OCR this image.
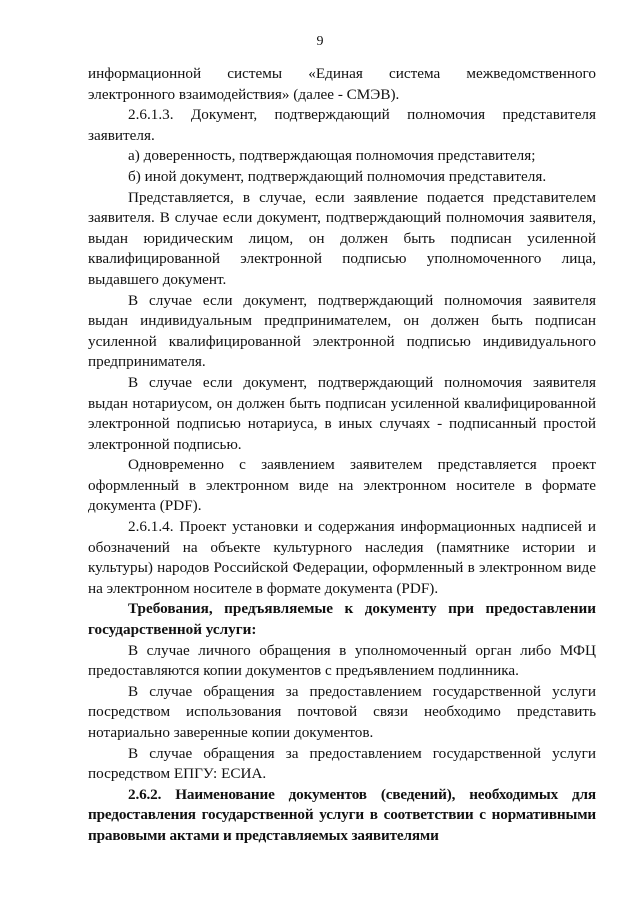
9

информационной системы «Единая система межведомственного электронного взаимодействия» (далее - СМЭВ).

2.6.1.3. Документ, подтверждающий полномочия представителя заявителя.

а) доверенность, подтверждающая полномочия представителя;

б) иной документ, подтверждающий полномочия представителя.

Представляется, в случае, если заявление подается представителем заявителя. В случае если документ, подтверждающий полномочия заявителя, выдан юридическим лицом, он должен быть подписан усиленной квалифицированной электронной подписью уполномоченного лица, выдавшего документ.

В случае если документ, подтверждающий полномочия заявителя выдан индивидуальным предпринимателем, он должен быть подписан усиленной квалифицированной электронной подписью индивидуального предпринимателя.

В случае если документ, подтверждающий полномочия заявителя выдан нотариусом, он должен быть подписан усиленной квалифицированной электронной подписью нотариуса, в иных случаях - подписанный простой электронной подписью.

Одновременно с заявлением заявителем представляется проект оформленный в электронном виде на электронном носителе в формате документа (PDF).

2.6.1.4. Проект установки и содержания информационных надписей и обозначений на объекте культурного наследия (памятнике истории и культуры) народов Российской Федерации, оформленный в электронном виде на электронном носителе в формате документа (PDF).

Требования, предъявляемые к документу при предоставлении государственной услуги:

В случае личного обращения в уполномоченный орган либо МФЦ предоставляются копии документов с предъявлением подлинника.

В случае обращения за предоставлением государственной услуги посредством использования почтовой связи необходимо представить нотариально заверенные копии документов.

В случае обращения за предоставлением государственной услуги посредством ЕПГУ: ЕСИА.

2.6.2. Наименование документов (сведений), необходимых для предоставления государственной услуги в соответствии с нормативными правовыми актами и представляемых заявителями
